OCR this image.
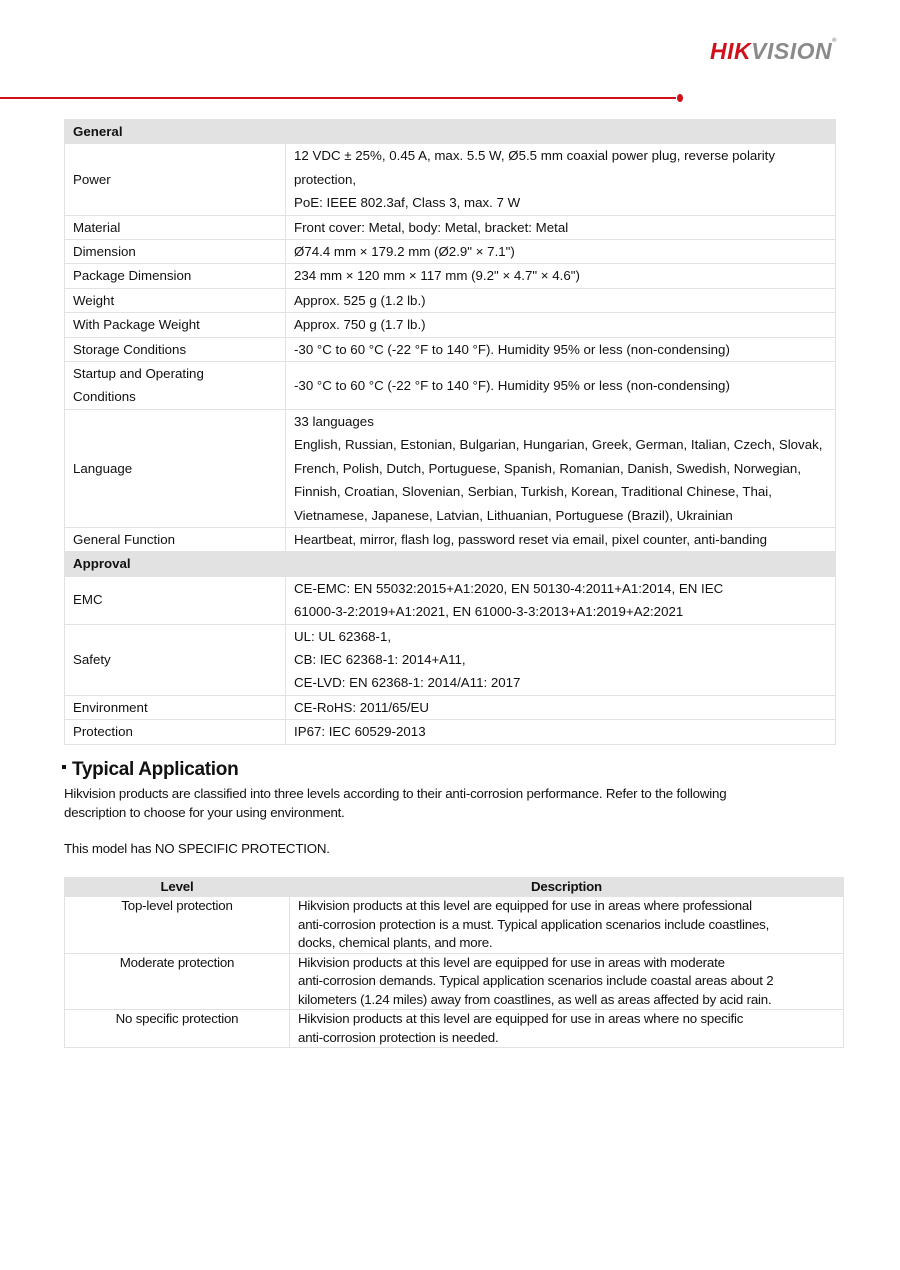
HIKVISION®
General	
Power	12 VDC ± 25%, 0.45 A, max. 5.5 W, Ø5.5 mm coaxial power plug, reverse polarity
protection,
PoE: IEEE 802.3af, Class 3, max. 7 W

Material	Front cover: Metal, body: Metal, bracket: Metal
Dimension	Ø74.4 mm × 179.2 mm (Ø2.9" × 7.1")
Package Dimension	234 mm × 120 mm × 117 mm (9.2" × 4.7" × 4.6")
Weight	Approx. 525 g (1.2 lb.)
With Package Weight	Approx. 750 g (1.7 lb.)
Storage Conditions	-30 °C to 60 °C (-22 °F to 140 °F). Humidity 95% or less (non-condensing)

Startup and Operating
Conditions	-30 °C to 60 °C (-22 °F to 140 °F). Humidity 95% or less (non-condensing)
Language	33 languages
English, Russian, Estonian, Bulgarian, Hungarian, Greek, German, Italian, Czech, Slovak,
French, Polish, Dutch, Portuguese, Spanish, Romanian, Danish, Swedish, Norwegian,
Finnish, Croatian, Slovenian, Serbian, Turkish, Korean, Traditional Chinese, Thai,
Vietnamese, Japanese, Latvian, Lithuanian, Portuguese (Brazil), Ukrainian

General Function	Heartbeat, mirror, flash log, password reset via email, pixel counter, anti-banding
Approval	
EMC	CE-EMC: EN 55032:2015+A1:2020, EN 50130-4:2011+A1:2014, EN IEC
61000-3-2:2019+A1:2021, EN 61000-3-3:2013+A1:2019+A2:2021

Safety	UL: UL 62368-1,
CB: IEC 62368-1: 2014+A11,
CE-LVD: EN 62368-1: 2014/A11: 2017

Environment	CE-RoHS: 2011/65/EU
Protection	IP67: IEC 60529-2013
Typical Application
Hikvision products are classified into three levels according to their anti-corrosion performance. Refer to the following
description to choose for your using environment.
This model has NO SPECIFIC PROTECTION.
Level	Description
Top-level protection	Hikvision products at this level are equipped for use in areas where professional
anti-corrosion protection is a must. Typical application scenarios include coastlines,
docks, chemical plants, and more.

Moderate protection	Hikvision products at this level are equipped for use in areas with moderate
anti-corrosion demands. Typical application scenarios include coastal areas about 2
kilometers (1.24 miles) away from coastlines, as well as areas affected by acid rain.

No specific protection	Hikvision products at this level are equipped for use in areas where no specific
anti-corrosion protection is needed.
